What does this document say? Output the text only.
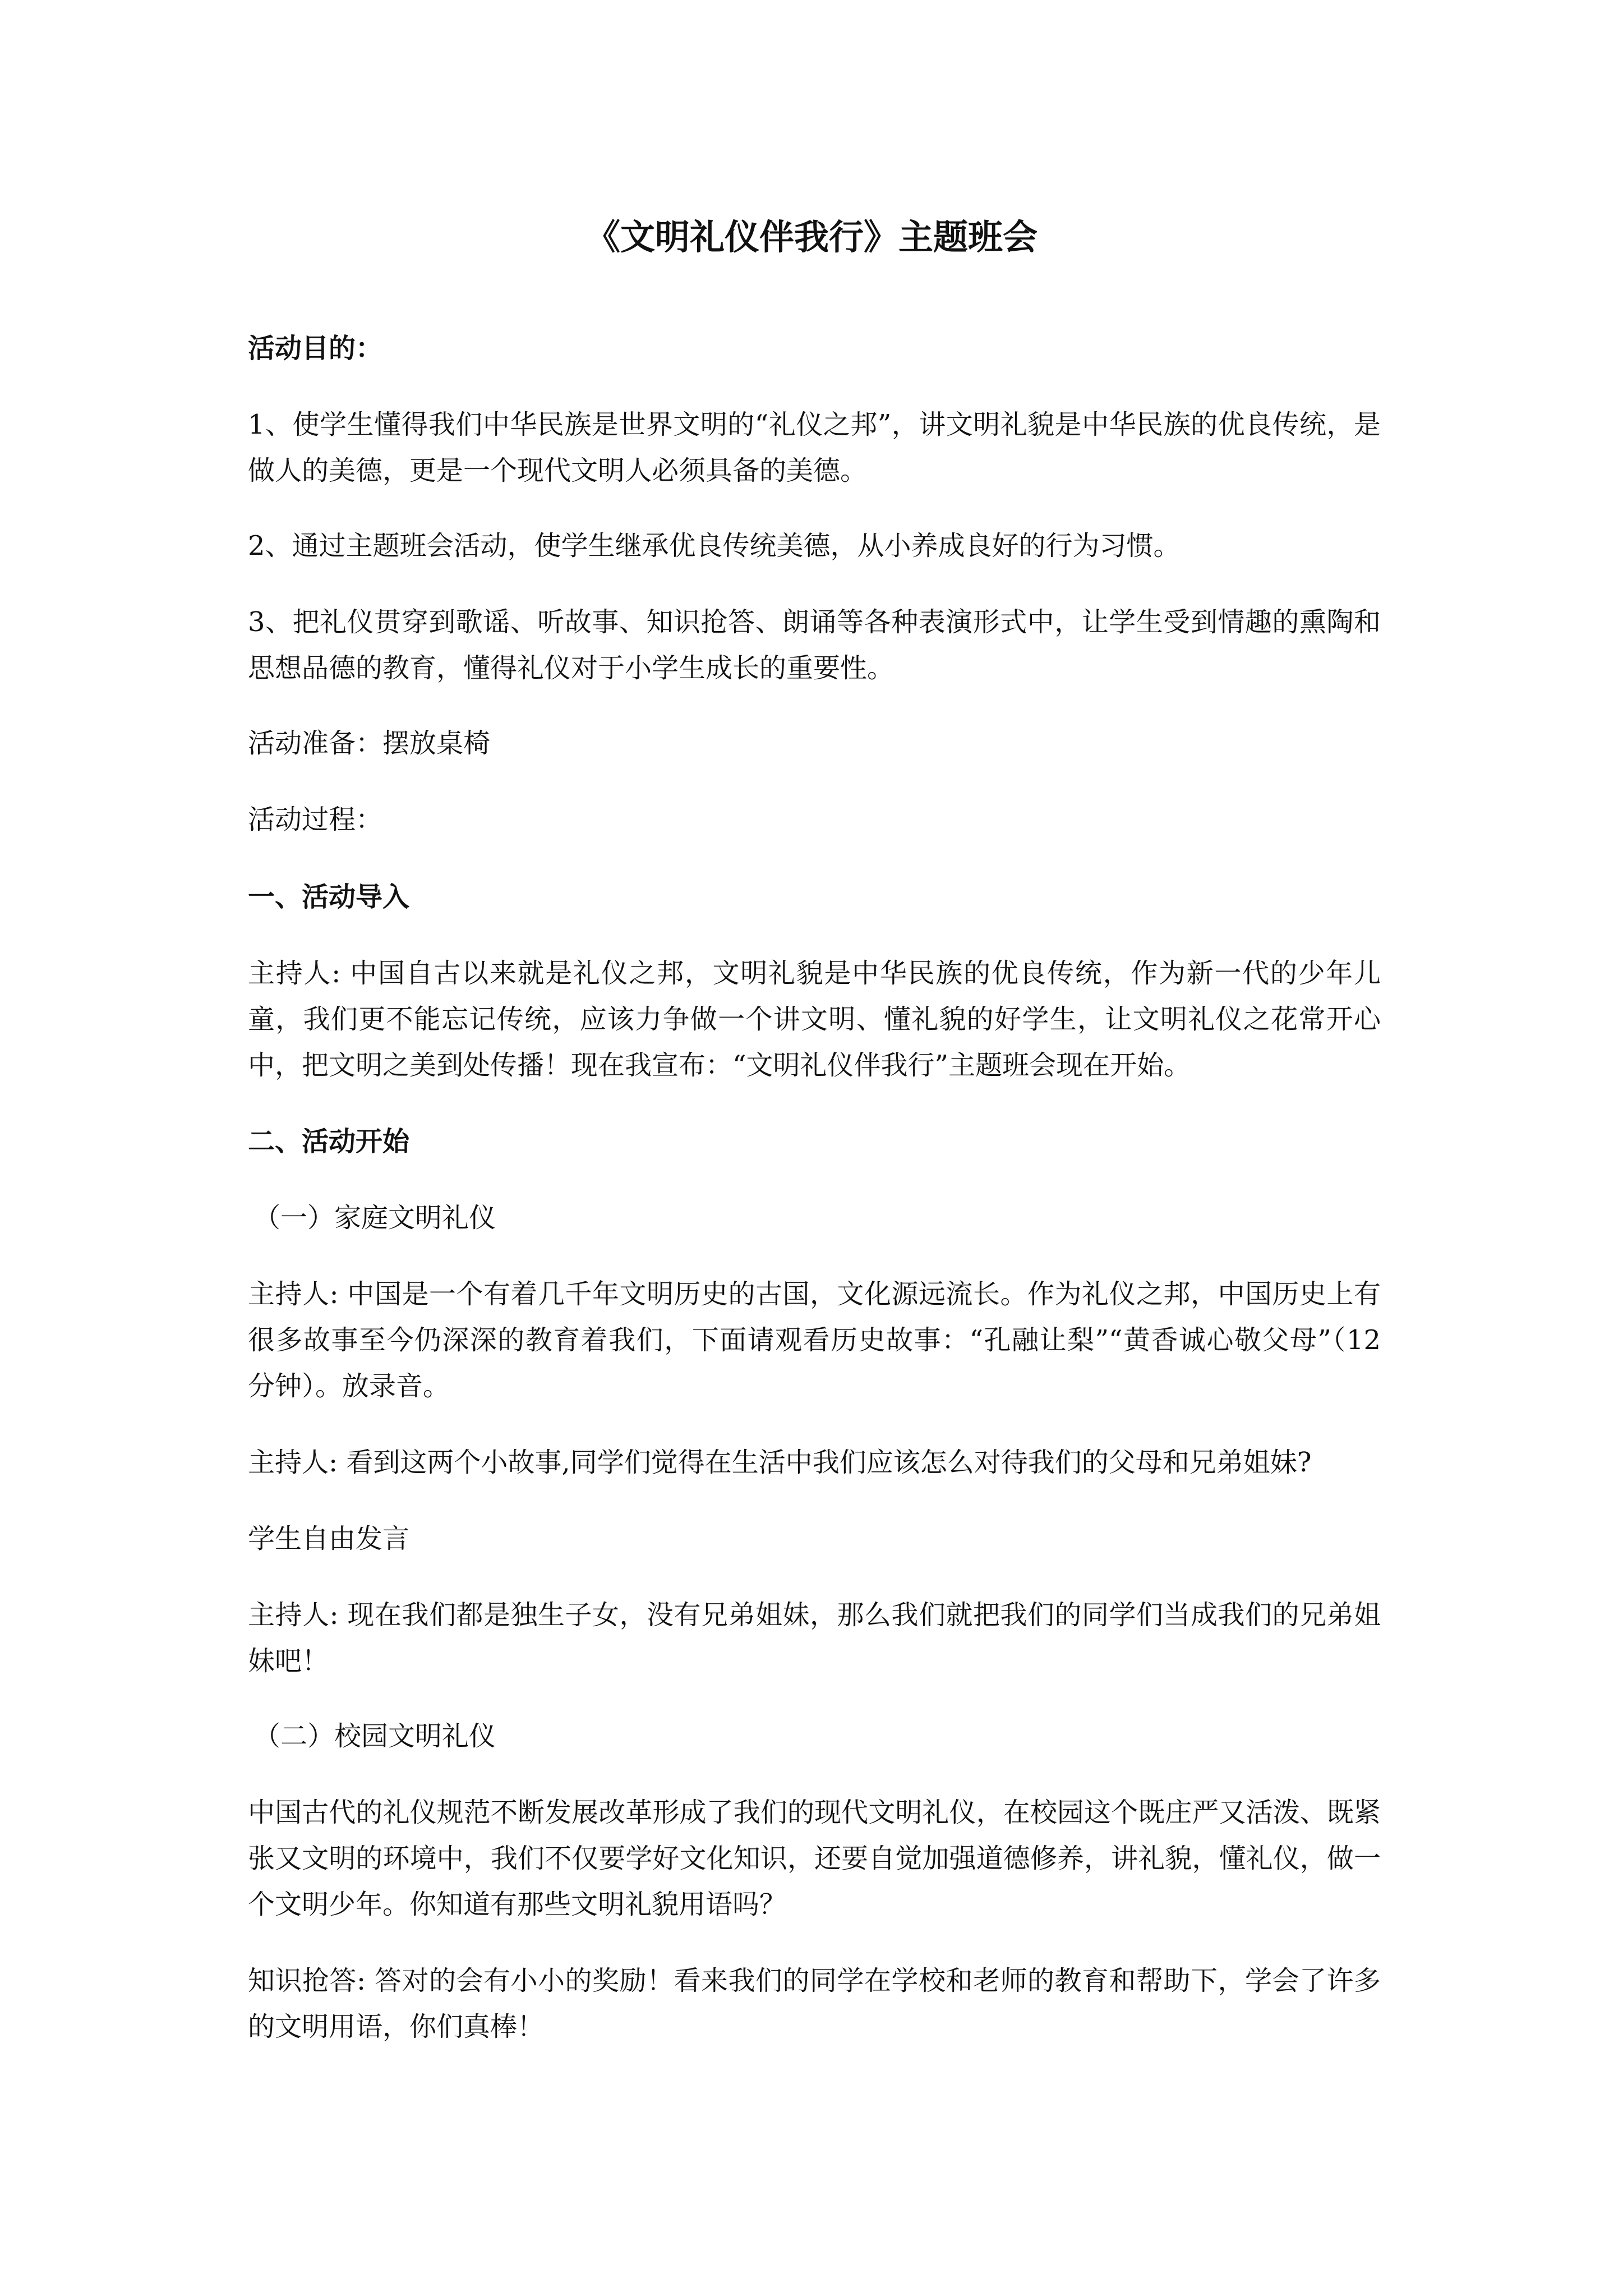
《文明礼仪伴我行》主题班会

活动目的：

1、使学生懂得我们中华民族是世界文明的“礼仪之邦”，讲文明礼貌是中华民族的优良传统，是做人的美德，更是一个现代文明人必须具备的美德。

2、通过主题班会活动，使学生继承优良传统美德，从小养成良好的行为习惯。

3、把礼仪贯穿到歌谣、听故事、知识抢答、朗诵等各种表演形式中，让学生受到情趣的熏陶和思想品德的教育，懂得礼仪对于小学生成长的重要性。

活动准备：摆放桌椅

活动过程：

一、活动导入

主持人: 中国自古以来就是礼仪之邦，文明礼貌是中华民族的优良传统，作为新一代的少年儿童，我们更不能忘记传统，应该力争做一个讲文明、懂礼貌的好学生，让文明礼仪之花常开心中，把文明之美到处传播！现在我宣布：“文明礼仪伴我行”主题班会现在开始。

二、活动开始

（一）家庭文明礼仪

主持人: 中国是一个有着几千年文明历史的古国，文化源远流长。作为礼仪之邦，中国历史上有很多故事至今仍深深的教育着我们，下面请观看历史故事：“孔融让梨”“黄香诚心敬父母”（12 分钟）。放录音。

主持人: 看到这两个小故事,同学们觉得在生活中我们应该怎么对待我们的父母和兄弟姐妹?

学生自由发言

主持人: 现在我们都是独生子女，没有兄弟姐妹，那么我们就把我们的同学们当成我们的兄弟姐妹吧！

（二）校园文明礼仪

中国古代的礼仪规范不断发展改革形成了我们的现代文明礼仪，在校园这个既庄严又活泼、既紧张又文明的环境中，我们不仅要学好文化知识，还要自觉加强道德修养，讲礼貌，懂礼仪，做一个文明少年。你知道有那些文明礼貌用语吗？

知识抢答: 答对的会有小小的奖励！看来我们的同学在学校和老师的教育和帮助下，学会了许多的文明用语，你们真棒！
